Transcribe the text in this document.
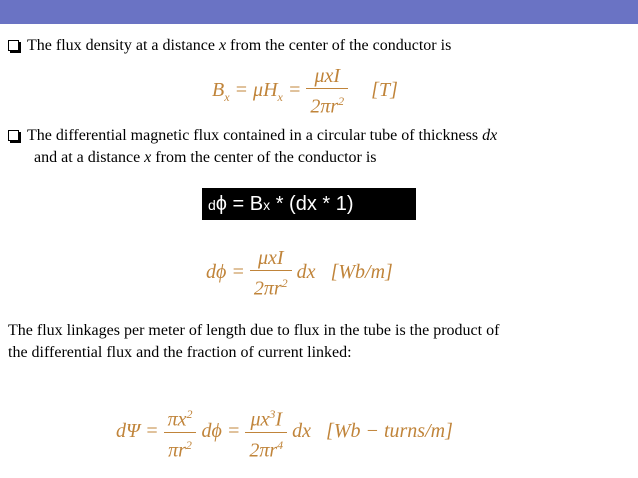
The flux density at a distance x from the center of the conductor is
$B_x = \mu H_x = \frac{\text{μxI}}{2\pi r^2} [T]$
The differential magnetic flux contained in a circular tube of thickness dx
and at a distance x from the center of the conductor is
dϕ = Bx * (dx * 1)
$d\phi = \frac{\text{μxI}}{2\pi r^2}$ dx [Wb/m]
The flux linkages per meter of length due to flux in the tube is the product of
the differential flux and the fraction of current linked:
$d\Psi = \frac{\pi x^2}{\pi r^2}$ $d\phi = \frac{\mu x^3I}{2\pi r^4}$ dx [Wb − turns/m]
